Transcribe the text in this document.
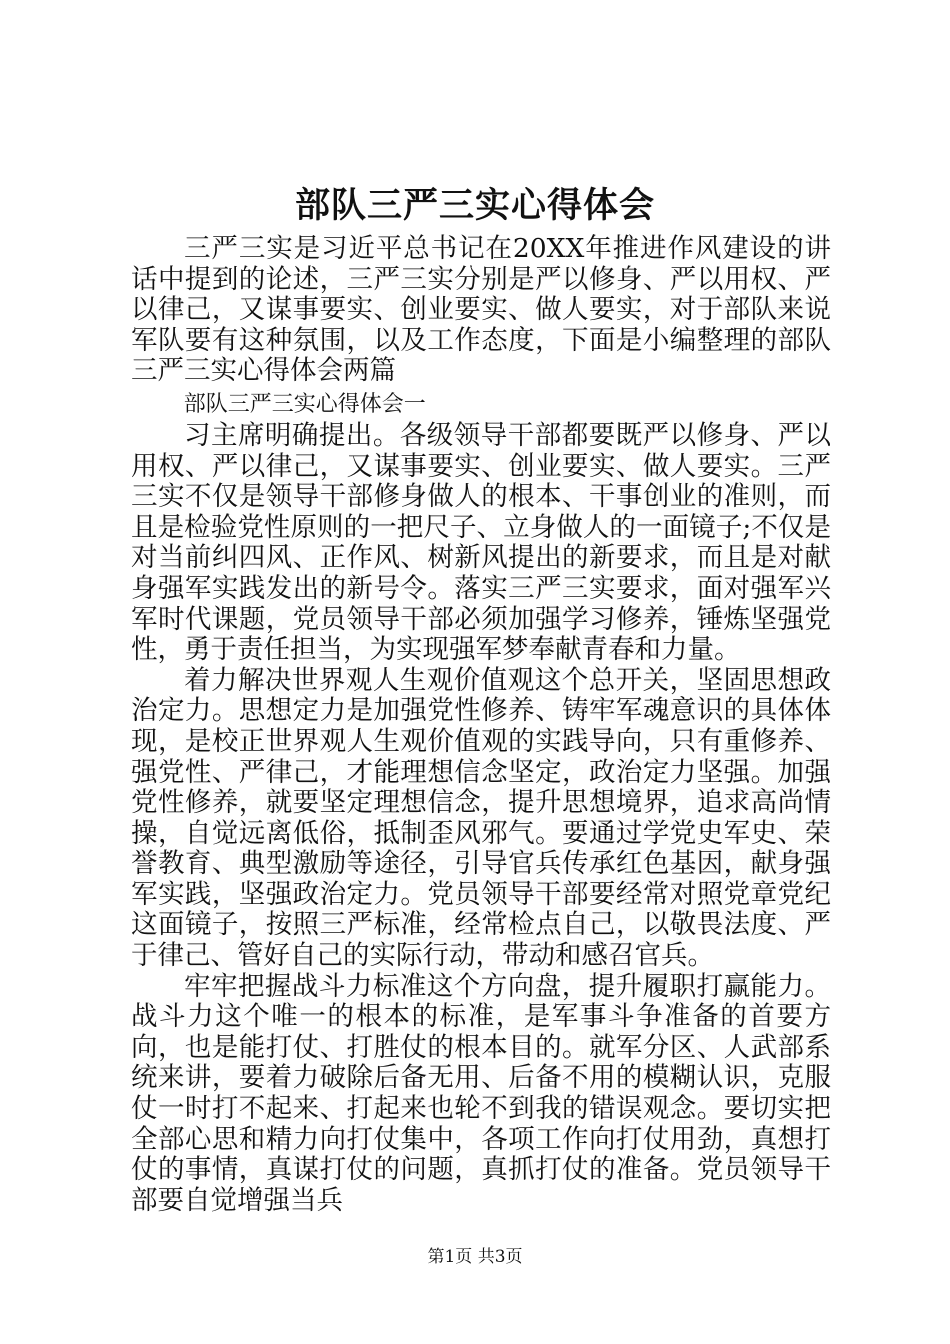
部队三严三实心得体会

三严三实是习近平总书记在20XX年推进作风建设的讲话中提到的论述，三严三实分别是严以修身、严以用权、严以律己，又谋事要实、创业要实、做人要实，对于部队来说军队要有这种氛围，以及工作态度，下面是小编整理的部队三严三实心得体会两篇

部队三严三实心得体会一

习主席明确提出。各级领导干部都要既严以修身、严以用权、严以律己，又谋事要实、创业要实、做人要实。三严三实不仅是领导干部修身做人的根本、干事创业的准则，而且是检验党性原则的一把尺子、立身做人的一面镜子;不仅是对当前纠四风、正作风、树新风提出的新要求，而且是对献身强军实践发出的新号令。落实三严三实要求，面对强军兴军时代课题，党员领导干部必须加强学习修养，锤炼坚强党性，勇于责任担当，为实现强军梦奉献青春和力量。

着力解决世界观人生观价值观这个总开关，坚固思想政治定力。思想定力是加强党性修养、铸牢军魂意识的具体体现，是校正世界观人生观价值观的实践导向，只有重修养、强党性、严律己，才能理想信念坚定，政治定力坚强。加强党性修养，就要坚定理想信念，提升思想境界，追求高尚情操，自觉远离低俗，抵制歪风邪气。要通过学党史军史、荣誉教育、典型激励等途径，引导官兵传承红色基因，献身强军实践，坚强政治定力。党员领导干部要经常对照党章党纪这面镜子，按照三严标准，经常检点自己，以敬畏法度、严于律己、管好自己的实际行动，带动和感召官兵。

牢牢把握战斗力标准这个方向盘，提升履职打赢能力。战斗力这个唯一的根本的标准，是军事斗争准备的首要方向，也是能打仗、打胜仗的根本目的。就军分区、人武部系统来讲，要着力破除后备无用、后备不用的模糊认识，克服仗一时打不起来、打起来也轮不到我的错误观念。要切实把全部心思和精力向打仗集中，各项工作向打仗用劲，真想打仗的事情，真谋打仗的问题，真抓打仗的准备。党员领导干部要自觉增强当兵

第1页 共3页
